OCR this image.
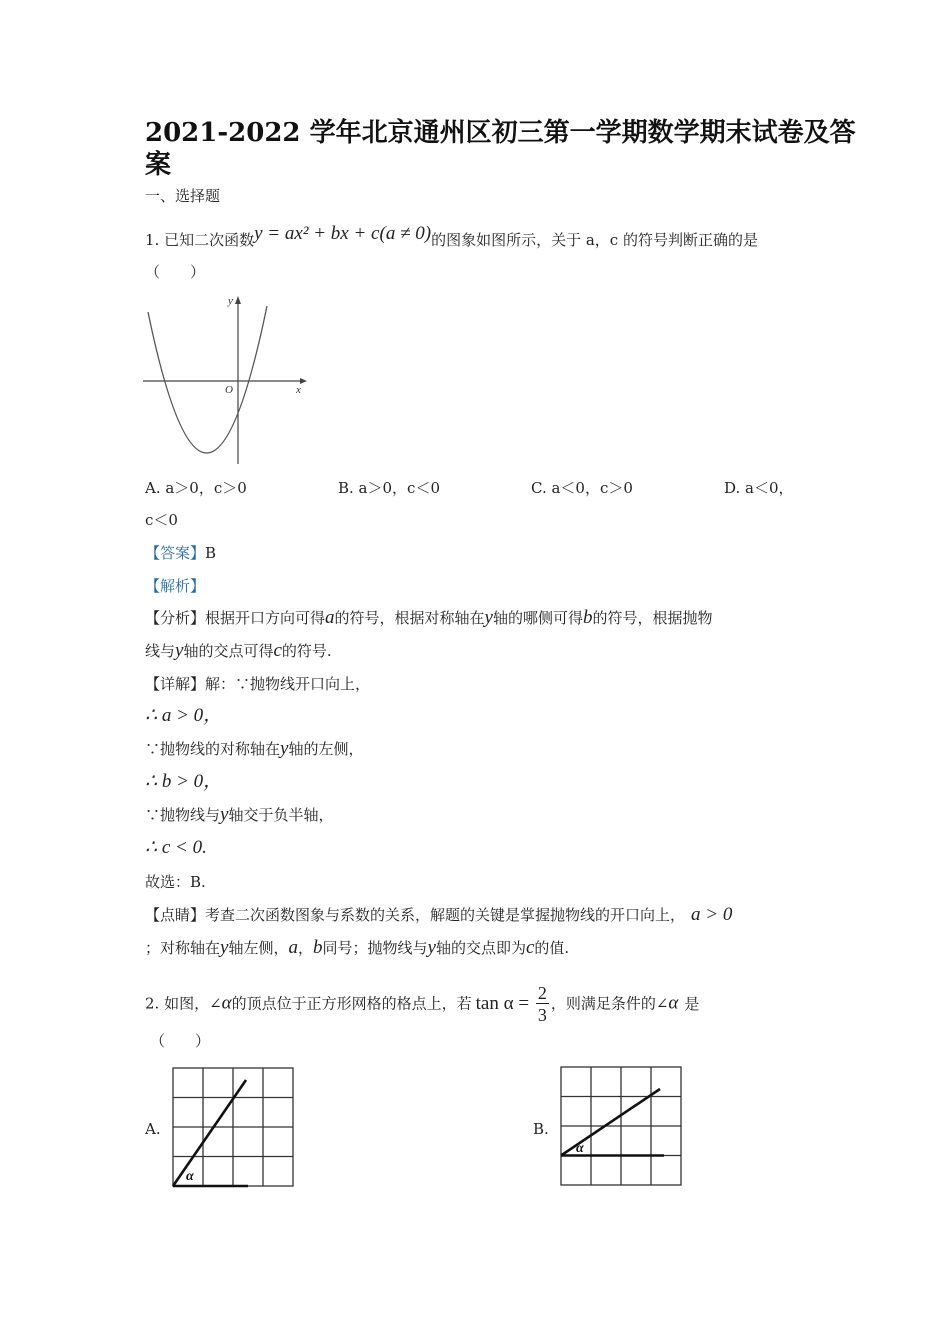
2021-2022 学年北京通州区初三第一学期数学期末试卷及答
案
一、选择题
1. 已知二次函数y = ax² + bx + c(a ≠ 0)的图象如图所示，关于 a，c 的符号判断正确的是
（　　）
y
x
O
A. a＞0，c＞0	B. a＞0，c＜0	C. a＜0，c＞0	D. a＜0，
c＜0
【答案】B
【解析】
【分析】根据开口方向可得a的符号，根据对称轴在y轴的哪侧可得b的符号，根据抛物
线与y轴的交点可得c的符号.
【详解】解：∵抛物线开口向上，
∴ a > 0，
∵抛物线的对称轴在y轴的左侧，
∴ b > 0，
∵抛物线与y轴交于负半轴，
∴ c < 0.
故选：B.
【点睛】考查二次函数图象与系数的关系，解题的关键是掌握抛物线的开口向上， a > 0
；对称轴在y轴左侧，a，b同号；抛物线与y轴的交点即为c的值.
2. 如图，∠α的顶点位于正方形网格的格点上，若 $\tan \alpha = \frac{2}{3}$ ，则满足条件的∠α 是
（　　）
A.
α
B.
α
